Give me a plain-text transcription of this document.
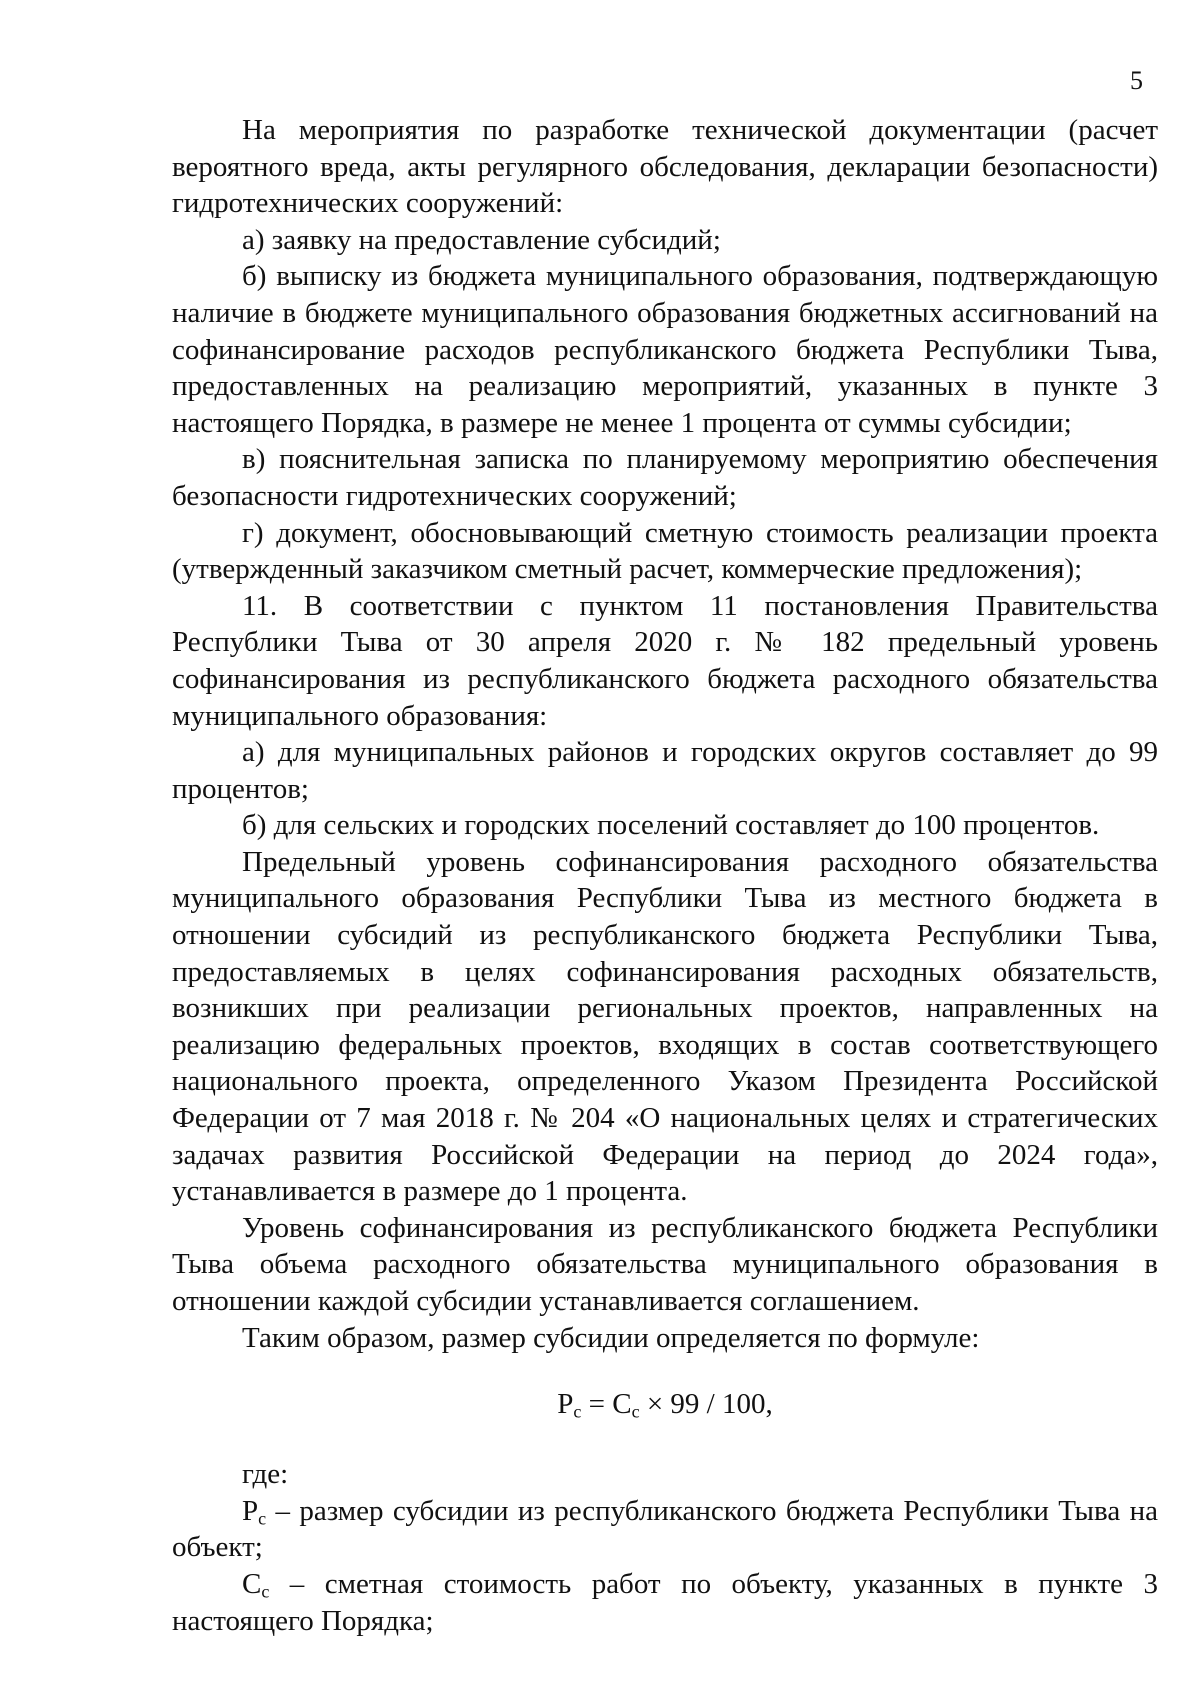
5

На мероприятия по разработке технической документации (расчет вероятного вреда, акты регулярного обследования, декларации безопасности) гидротехнических сооружений:

а) заявку на предоставление субсидий;

б) выписку из бюджета муниципального образования, подтверждающую наличие в бюджете муниципального образования бюджетных ассигнований на софинансирование расходов республиканского бюджета Республики Тыва, предоставленных на реализацию мероприятий, указанных в пункте 3 настоящего Порядка, в размере не менее 1 процента от суммы субсидии;

в) пояснительная записка по планируемому мероприятию обеспечения безопасности гидротехнических сооружений;

г) документ, обосновывающий сметную стоимость реализации проекта (утвержденный заказчиком сметный расчет, коммерческие предложения);

11. В соответствии с пунктом 11 постановления Правительства Республики Тыва от 30 апреля 2020 г. № 182 предельный уровень софинансирования из республиканского бюджета расходного обязательства муниципального образования:

а) для муниципальных районов и городских округов составляет до 99 процентов;

б) для сельских и городских поселений составляет до 100 процентов.

Предельный уровень софинансирования расходного обязательства муниципального образования Республики Тыва из местного бюджета в отношении субсидий из республиканского бюджета Республики Тыва, предоставляемых в целях софинансирования расходных обязательств, возникших при реализации региональных проектов, направленных на реализацию федеральных проектов, входящих в состав соответствующего национального проекта, определенного Указом Президента Российской Федерации от 7 мая 2018 г. № 204 «О национальных целях и стратегических задачах развития Российской Федерации на период до 2024 года», устанавливается в размере до 1 процента.

Уровень софинансирования из республиканского бюджета Республики Тыва объема расходного обязательства муниципального образования в отношении каждой субсидии устанавливается соглашением.

Таким образом, размер субсидии определяется по формуле:

$P_c = C_c \times 99 / 100$,

где:

$P_c$ – размер субсидии из республиканского бюджета Республики Тыва на объект;

$C_c$ – сметная стоимость работ по объекту, указанных в пункте 3 настоящего Порядка;
